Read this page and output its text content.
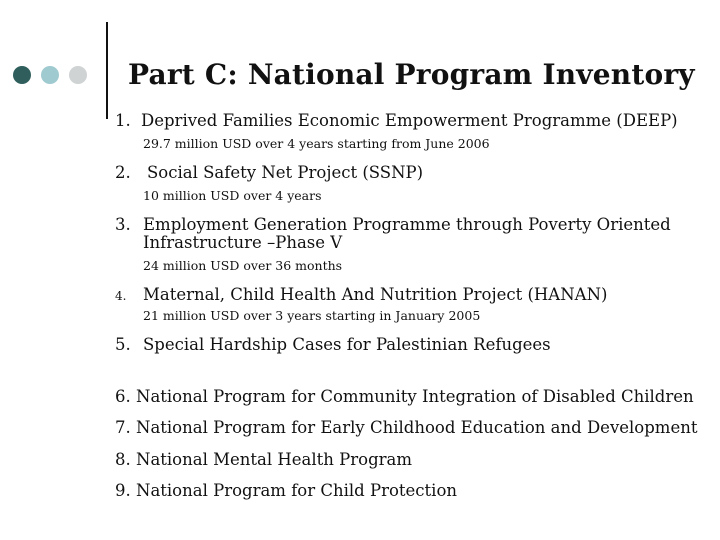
Part C: National Program Inventory
1. Deprived Families Economic Empowerment Programme (DEEP)
29.7 million USD over 4 years starting from June 2006
2. Social Safety Net Project (SSNP)
10 million USD over 4 years
3. Employment Generation Programme through Poverty Oriented
Infrastructure –Phase V
24 million USD over 36 months
4. Maternal, Child Health And Nutrition Project (HANAN)
21 million USD over 3 years starting in January 2005
5. Special Hardship Cases for Palestinian Refugees
6. National Program for Community Integration of Disabled Children
7. National Program for Early Childhood Education and Development
8. National Mental Health Program
9. National Program for Child Protection
